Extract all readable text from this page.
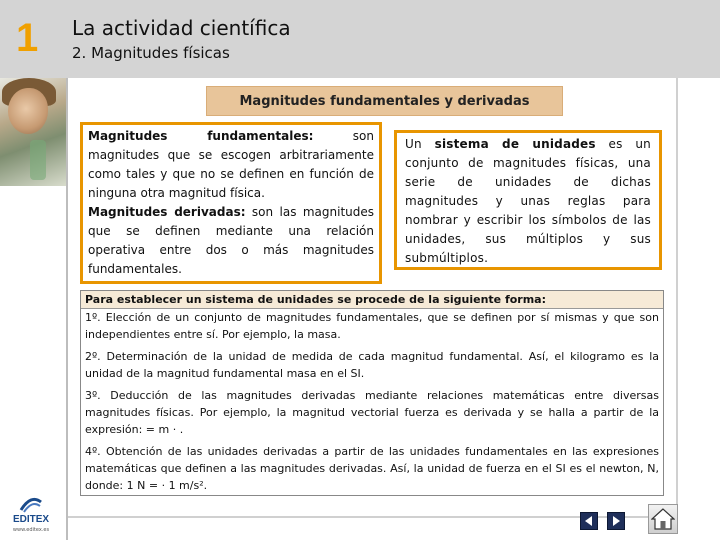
1 La actividad científica
2. Magnitudes físicas
Magnitudes fundamentales y derivadas
Magnitudes fundamentales: son magnitudes que se escogen arbitrariamente como tales y que no se definen en función de ninguna otra magnitud física.
Magnitudes derivadas: son las magnitudes que se definen mediante una relación operativa entre dos o más magnitudes fundamentales.
Un sistema de unidades es un conjunto de magnitudes físicas, una serie de unidades de dichas magnitudes y unas reglas para nombrar y escribir los símbolos de las unidades, sus múltiplos y sus submúltiplos.
Para establecer un sistema de unidades se procede de la siguiente forma:
1º. Elección de un conjunto de magnitudes fundamentales, que se definen por sí mismas y que son independientes entre sí. Por ejemplo, la masa.
2º. Determinación de la unidad de medida de cada magnitud fundamental. Así, el kilogramo es la unidad de la magnitud fundamental masa en el SI.
3º. Deducción de las magnitudes derivadas mediante relaciones matemáticas entre diversas magnitudes físicas. Por ejemplo, la magnitud vectorial fuerza es derivada y se halla a partir de la expresión: = m · .
4º. Obtención de las unidades derivadas a partir de las unidades fundamentales en las expresiones matemáticas que definen a las magnitudes derivadas. Así, la unidad de fuerza en el SI es el newton, N, donde: 1 N = · 1 m/s².
EDITEX
www.editex.es
